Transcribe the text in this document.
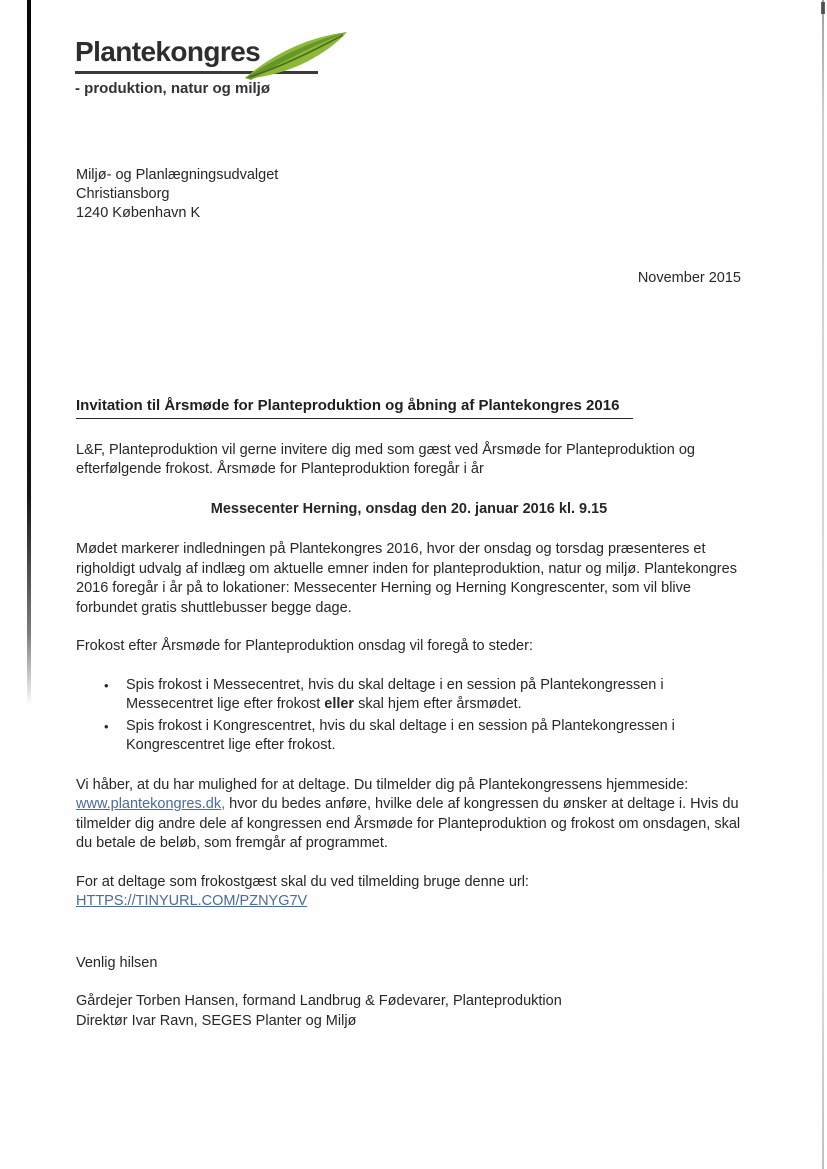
Plantekongres
- produktion, natur og miljø
Miljø- og Planlægningsudvalget
Christiansborg
1240 København K
November 2015
Invitation til Årsmøde for Planteproduktion og åbning af Plantekongres 2016

L&F, Planteproduktion vil gerne invitere dig med som gæst ved Årsmøde for Planteproduktion og efterfølgende frokost. Årsmøde for Planteproduktion foregår i år

Messecenter Herning, onsdag den 20. januar 2016 kl. 9.15

Mødet markerer indledningen på Plantekongres 2016, hvor der onsdag og torsdag præsenteres et righoldigt udvalg af indlæg om aktuelle emner inden for planteproduktion, natur og miljø. Plantekongres 2016 foregår i år på to lokationer: Messecenter Herning og Herning Kongrescenter, som vil blive forbundet gratis shuttlebusser begge dage.

Frokost efter Årsmøde for Planteproduktion onsdag vil foregå to steder:

• Spis frokost i Messecentret, hvis du skal deltage i en session på Plantekongressen i Messecentret lige efter frokost eller skal hjem efter årsmødet.
• Spis frokost i Kongrescentret, hvis du skal deltage i en session på Plantekongressen i Kongrescentret lige efter frokost.

Vi håber, at du har mulighed for at deltage. Du tilmelder dig på Plantekongressens hjemmeside: www.plantekongres.dk, hvor du bedes anføre, hvilke dele af kongressen du ønsker at deltage i. Hvis du tilmelder dig andre dele af kongressen end Årsmøde for Planteproduktion og frokost om onsdagen, skal du betale de beløb, som fremgår af programmet.

For at deltage som frokostgæst skal du ved tilmelding bruge denne url:

HTTPS://TINYURL.COM/PZNYG7V

Venlig hilsen

Gårdejer Torben Hansen, formand Landbrug & Fødevarer, Planteproduktion
Direktør Ivar Ravn, SEGES Planter og Miljø
